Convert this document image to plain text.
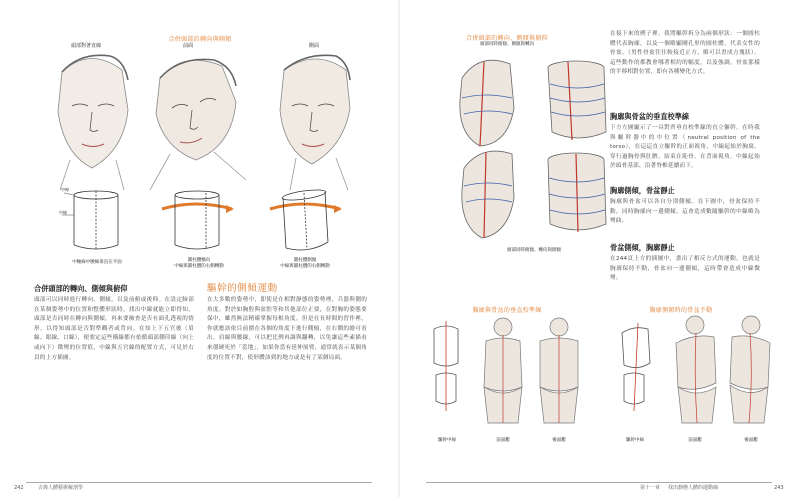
合併頭部的轉向與側傾
頭部對著直線	前面	側面
中線
中線
中軸線中腰線垂直在平面	圓柱體軸向
中線與圓柱體的右側轉動
圓柱體側傾
中線與圓柱體的右側轉動
合併頭部的轉向、側傾與俯仰
頭部可以同時進行轉向、側傾，以及前俯或後仰。在設定臉部在某個姿勢中的位置和整體形狀時，找出中線就能立即得知，頭部是否同時在轉向與側傾。再來要檢查是否有面孔透視的情形，以得知頭部是否對準觀者或背向。在知上下五官後（眉線、眼線、口線），便要定這些橫線都有依循頭部側印線（向上或向下）微彎的位置值，中線與五官線的配置方式，可見於右頁的上方插圖。
驅幹的側傾運動
在大多數的姿勢中，即使是在相對靜態的姿勢裡，兵器與側的角度。對於如胸腔與盆腔等和其他部位正要，在對胸的姿態要保中，雖然無法精確掌握每根角度，但是在長時間的習作裡，你就應該依目前圍在各個的角度下進行側傾，在右側的繪可看出，肩線與腰線，可以把比例再調與翻轉，以免讓這些素描看來僵硬死於「當地」，如果你當有延伸展臂，通常就表示某個角度的位置不對，使形體該到的地方或是有了某個局面。
242	古典人體藝術解剖學
合併頭部的轉向、側傾與俯仰
頭部同時俯傾、側傾與轉向
頭部同時俯傾、轉向與側傾
在接下來的例子裡，我將驅幹拆分為兩個形狀：一個圓柱體代表胸廓，以及一個略顯剛孔形的圓柱體，代表女性的骨盆。（男性骨盆往往較接近正方，略可以書成方塊狀）。這些動作的都教會哪著相約的幅度，以及強調，骨盆那樣的平移相對位置，即有各種變化方式。
胸廓與骨盆的垂直校準線
下方左圖顯示了一具對齊垂直校準線的直立軀幹。在時我與驅幹器中的中位置（neutral position of the torso），在這這直立驅幹的正面視角，中線起始於胸窩，穿行過胸骨與肚臍，結束在恥骨。在背面視角，中線起始於頭骨基部，沿著脊椎延續而下。
胸廓側傾，骨盆靜止
胸廓與骨盆可以各自分別側傾。在下圖中，骨盆保持不動，同時胸廓向一邊側傾，這會造成數隨驅幹的中線略為彎曲。
骨盆側傾，胸廓靜止
在244頁上方的插圖中，畫出了相反方式的運動，也就是胸廓保持不動，骨盆向一邊側傾，這時帶會造成中線微彎。
胸廓與骨盆的垂直校準線	胸廓側傾時的骨盆不動
驅幹中線	前面觀	後面觀	驅幹中線	前面觀	後面觀
第十一章 找出靜態人體的運動線	243
